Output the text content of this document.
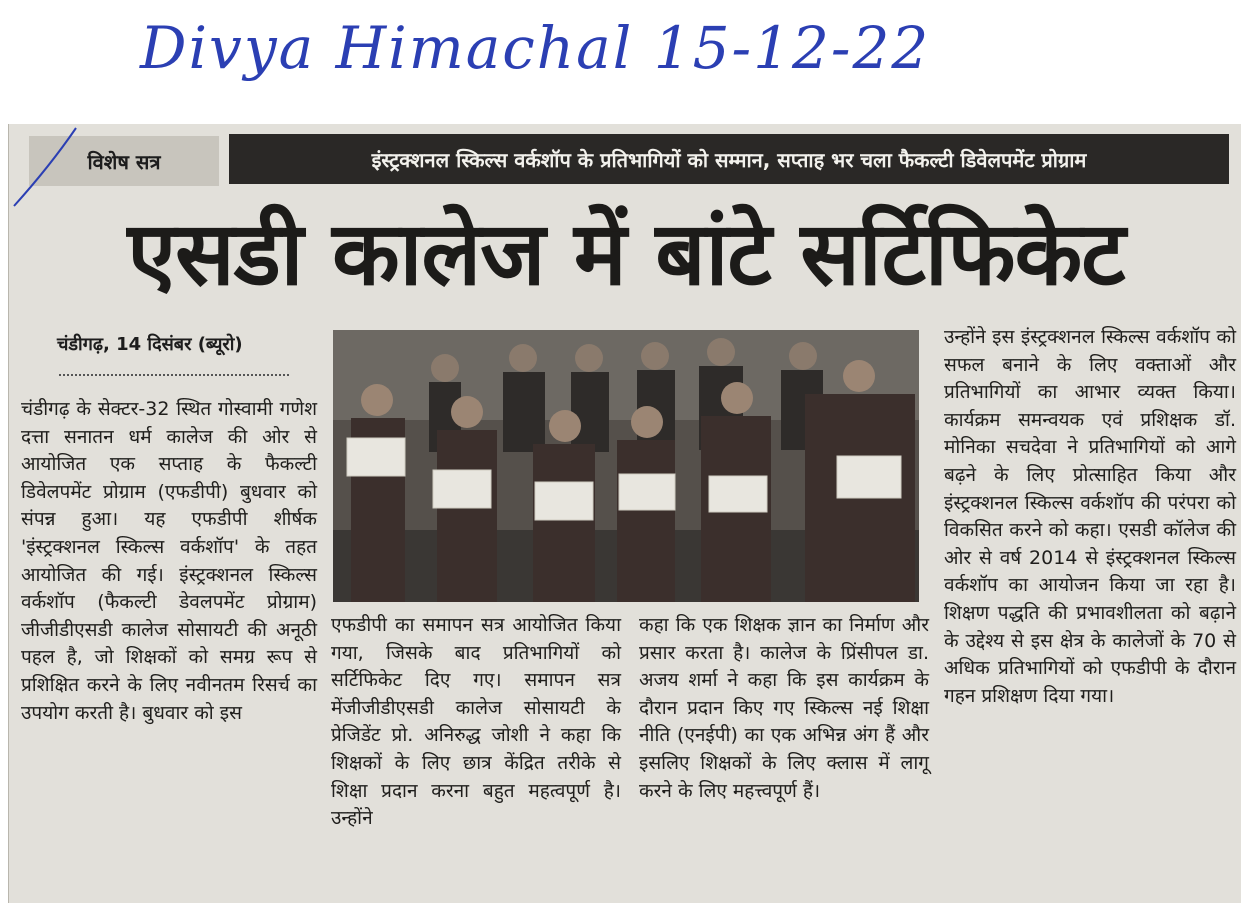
Divya Himachal 15-12-22
विशेष सत्र	इंस्ट्रक्शनल स्किल्स वर्कशॉप के प्रतिभागियों को सम्मान, सप्ताह भर चला फैकल्टी डिवेलपमेंट प्रोग्राम
एसडी कालेज में बांटे सर्टिफिकेट
चंडीगढ़, 14 दिसंबर (ब्यूरो)
चंडीगढ़ के सेक्टर-32 स्थित गोस्वामी गणेश दत्ता सनातन धर्म कालेज की ओर से आयोजित एक सप्ताह के फैकल्टी डिवेलपमेंट प्रोग्राम (एफडीपी) बुधवार को संपन्न हुआ। यह एफडीपी शीर्षक 'इंस्ट्रक्शनल स्किल्स वर्कशॉप' के तहत आयोजित की गई। इंस्ट्रक्शनल स्किल्स वर्कशॉप (फैकल्टी डेवलपमेंट प्रोग्राम) जीजीडीएसडी कालेज सोसायटी की अनूठी पहल है, जो शिक्षकों को समग्र रूप से प्रशिक्षित करने के लिए नवीनतम रिसर्च का उपयोग करती है। बुधवार को इस
एफडीपी का समापन सत्र आयोजित किया गया, जिसके बाद प्रतिभागियों को सर्टिफिकेट दिए गए। समापन सत्र मेंजीजीडीएसडी कालेज सोसायटी के प्रेजिडेंट प्रो. अनिरुद्ध जोशी ने कहा कि शिक्षकों के लिए छात्र केंद्रित तरीके से शिक्षा प्रदान करना बहुत महत्वपूर्ण है। उन्होंने
कहा कि एक शिक्षक ज्ञान का निर्माण और प्रसार करता है। कालेज के प्रिंसीपल डा. अजय शर्मा ने कहा कि इस कार्यक्रम के दौरान प्रदान किए गए स्किल्स नई शिक्षा नीति (एनईपी) का एक अभिन्न अंग हैं और इसलिए शिक्षकों के लिए क्लास में लागू करने के लिए महत्त्वपूर्ण हैं।
उन्होंने इस इंस्ट्रक्शनल स्किल्स वर्कशॉप को सफल बनाने के लिए वक्ताओं और प्रतिभागियों का आभार व्यक्त किया। कार्यक्रम समन्वयक एवं प्रशिक्षक डॉ. मोनिका सचदेवा ने प्रतिभागियों को आगे बढ़ने के लिए प्रोत्साहित किया और इंस्ट्रक्शनल स्किल्स वर्कशॉप की परंपरा को विकसित करने को कहा। एसडी कॉलेज की ओर से वर्ष 2014 से इंस्ट्रक्शनल स्किल्स वर्कशॉप का आयोजन किया जा रहा है। शिक्षण पद्धति की प्रभावशीलता को बढ़ाने के उद्देश्य से इस क्षेत्र के कालेजों के 70 से अधिक प्रतिभागियों को एफडीपी के दौरान गहन प्रशिक्षण दिया गया।
